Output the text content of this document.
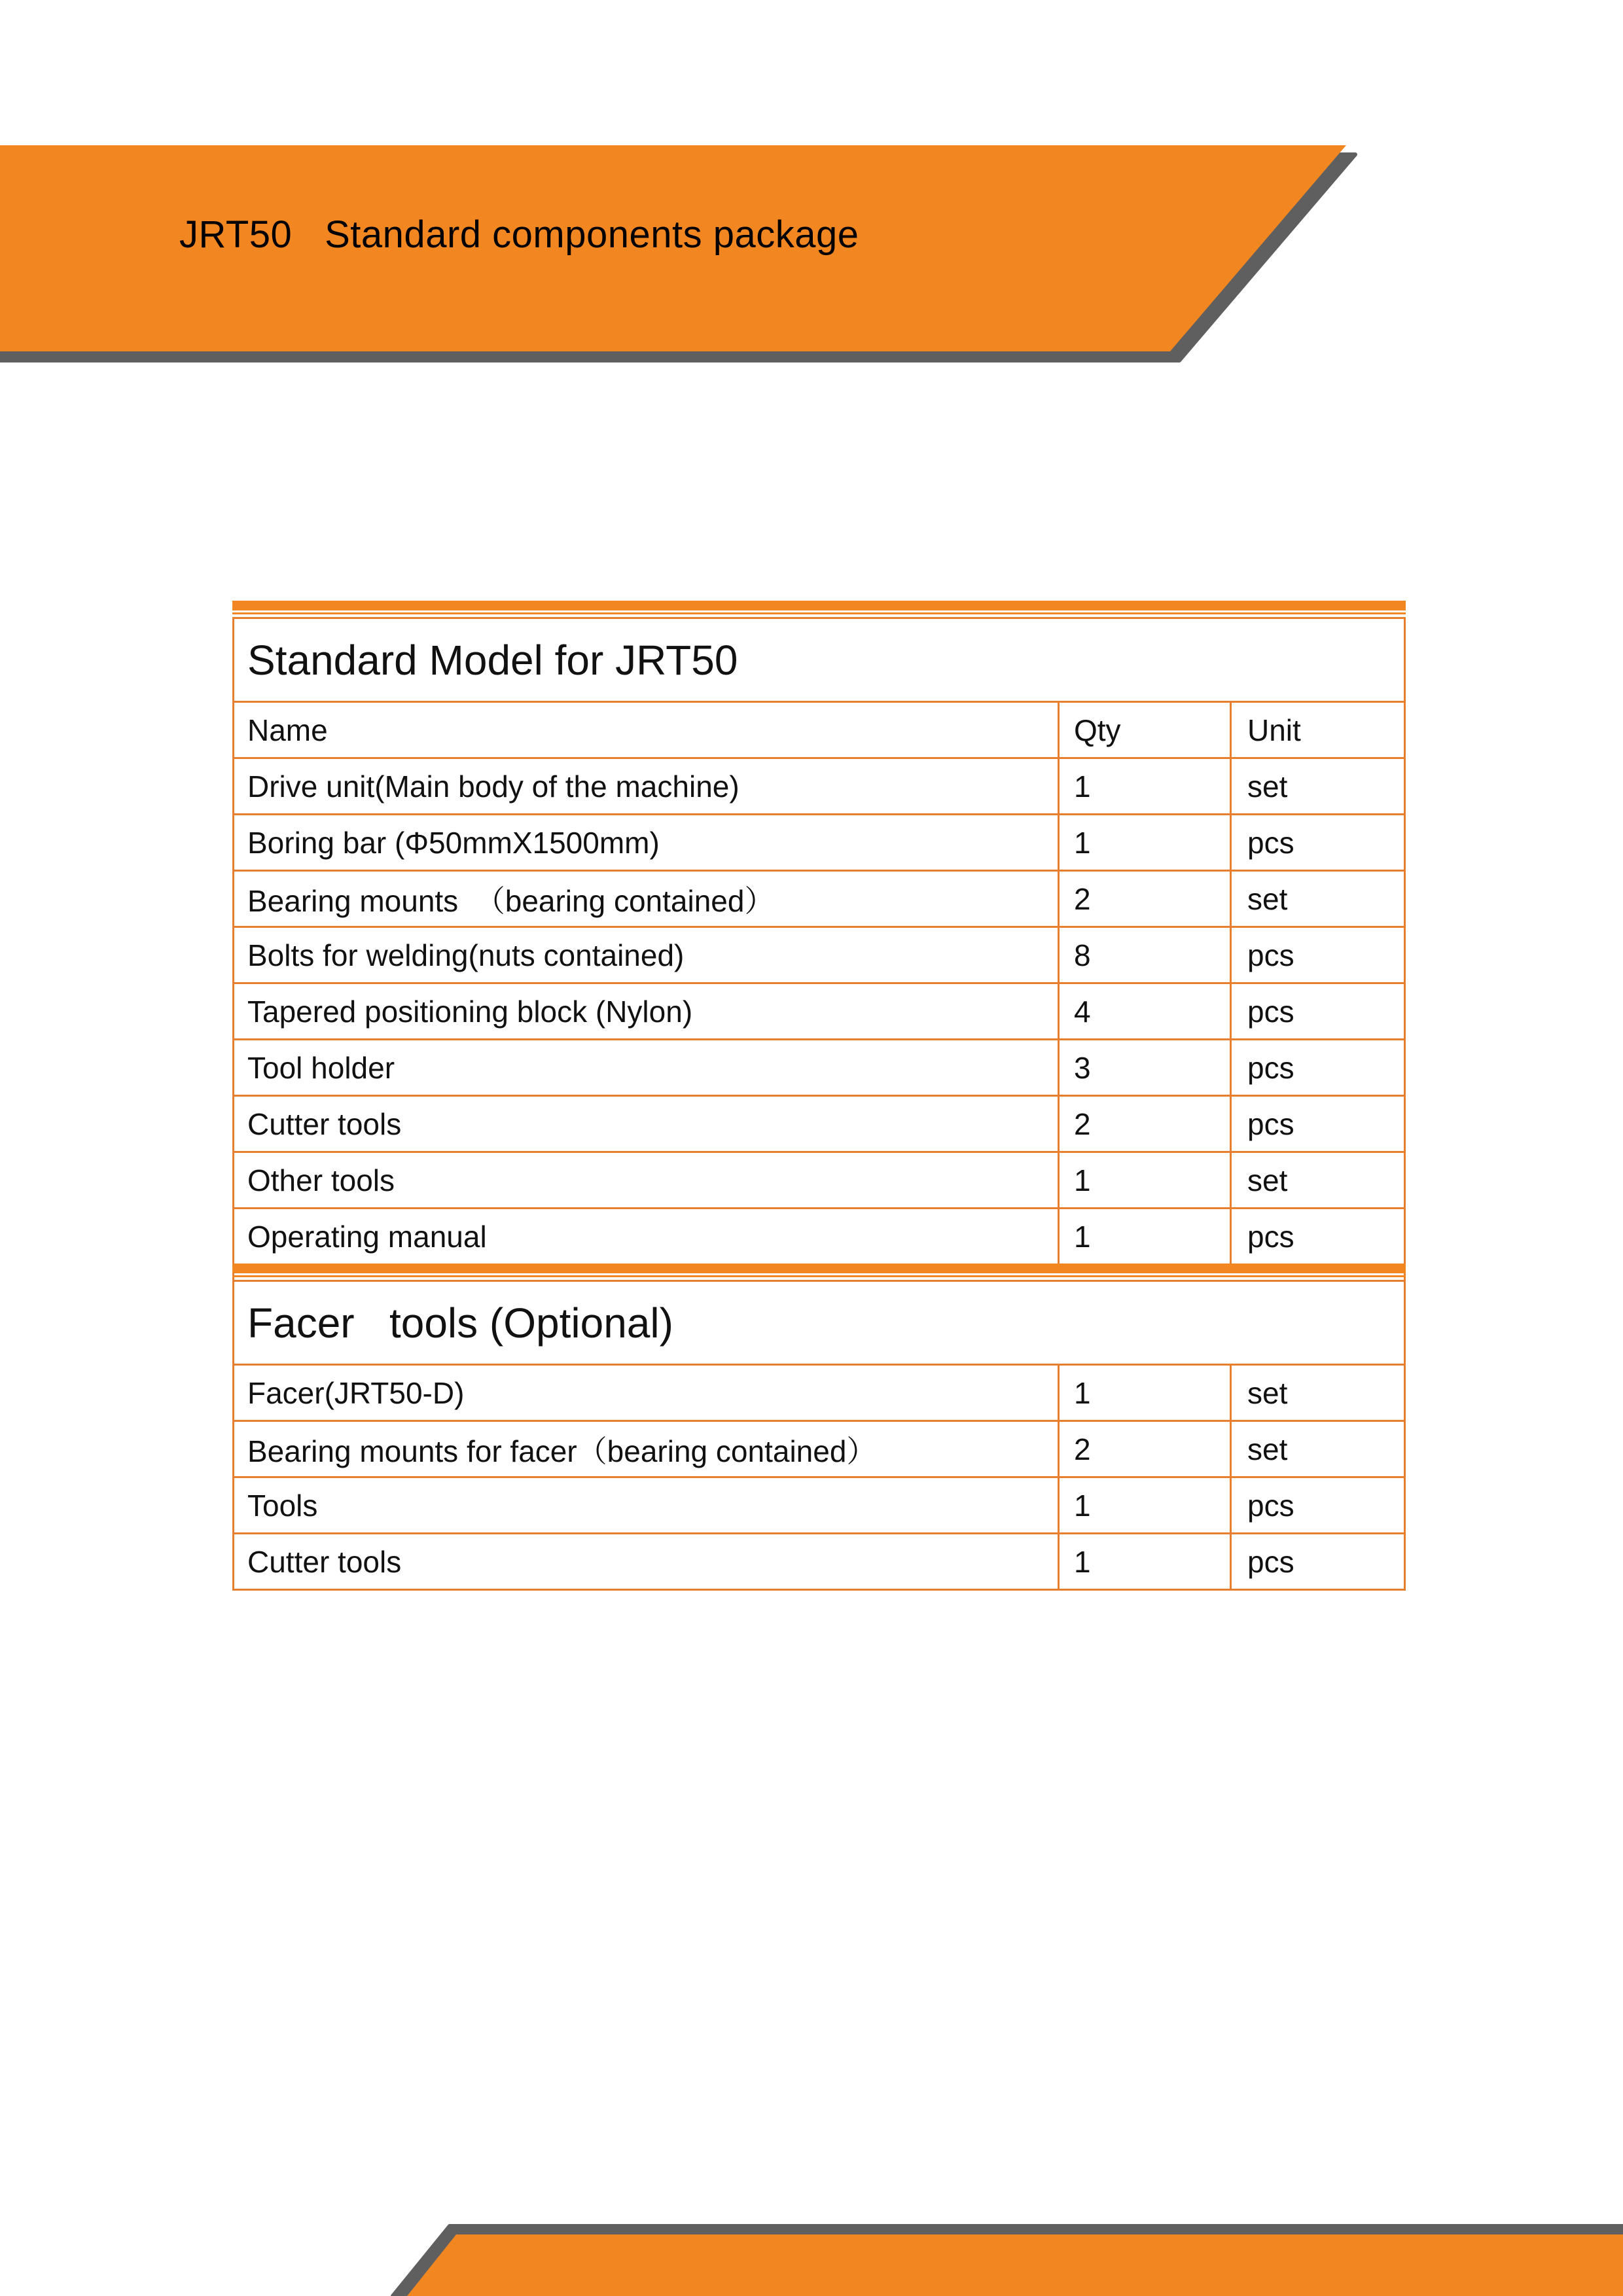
JRT50   Standard components package
Standard Model for JRT50
Name	Qty	Unit
Drive unit(Main body of the machine)	1	set
Boring bar (Φ50mmX1500mm)	1	pcs
Bearing mounts  （bearing contained）	2	set
Bolts for welding(nuts contained)	8	pcs
Tapered positioning block (Nylon)	4	pcs
Tool holder	3	pcs
Cutter tools	2	pcs
Other tools	1	set
Operating manual	1	pcs
Facer   tools (Optional)
Facer(JRT50-D)	1	set
Bearing mounts for facer（bearing contained）	2	set
Tools	1	pcs
Cutter tools	1	pcs
